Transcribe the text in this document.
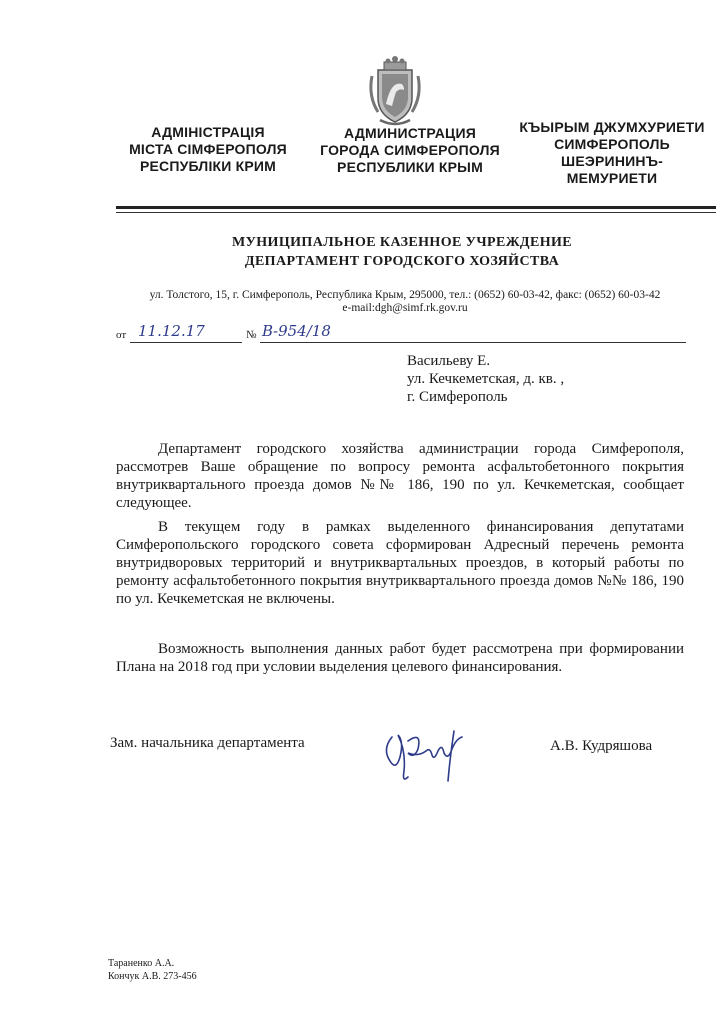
АДМІНІСТРАЦІЯ
МІСТА СІМФЕРОПОЛЯ
РЕСПУБЛІКИ КРИМ
АДМИНИСТРАЦИЯ
ГОРОДА СИМФЕРОПОЛЯ
РЕСПУБЛИКИ КРЫМ
КЪЫРЫМ ДЖУМХУРИЕТИ
СИМФЕРОПОЛЬ
ШЕЭРИНИНЪ-
МЕМУРИЕТИ
МУНИЦИПАЛЬНОЕ КАЗЕННОЕ УЧРЕЖДЕНИЕ
ДЕПАРТАМЕНТ ГОРОДСКОГО ХОЗЯЙСТВА
ул. Толстого, 15, г. Симферополь, Республика Крым, 295000, тел.: (0652) 60-03-42, факс: (0652) 60-03-42
e-mail:dgh@simf.rk.gov.ru
от 11.12.17	№ В-954/18
Васильеву Е.
ул. Кечкеметская, д. кв. ,
г. Симферополь
Департамент городского хозяйства администрации города Симферополя, рассмотрев Ваше обращение по вопросу ремонта асфальтобетонного покрытия внутриквартального проезда домов №№ 186, 190 по ул. Кечкеметская, сообщает следующее.
В текущем году в рамках выделенного финансирования депутатами Симферопольского городского совета сформирован Адресный перечень ремонта внутридворовых территорий и внутриквартальных проездов, в который работы по ремонту асфальтобетонного покрытия внутриквартального проезда домов №№ 186, 190 по ул. Кечкеметская не включены.
Возможность выполнения данных работ будет рассмотрена при формировании Плана на 2018 год при условии выделения целевого финансирования.
Зам. начальника департамента	А.В. Кудряшова
Тараненко А.А.
Кончук А.В. 273-456
